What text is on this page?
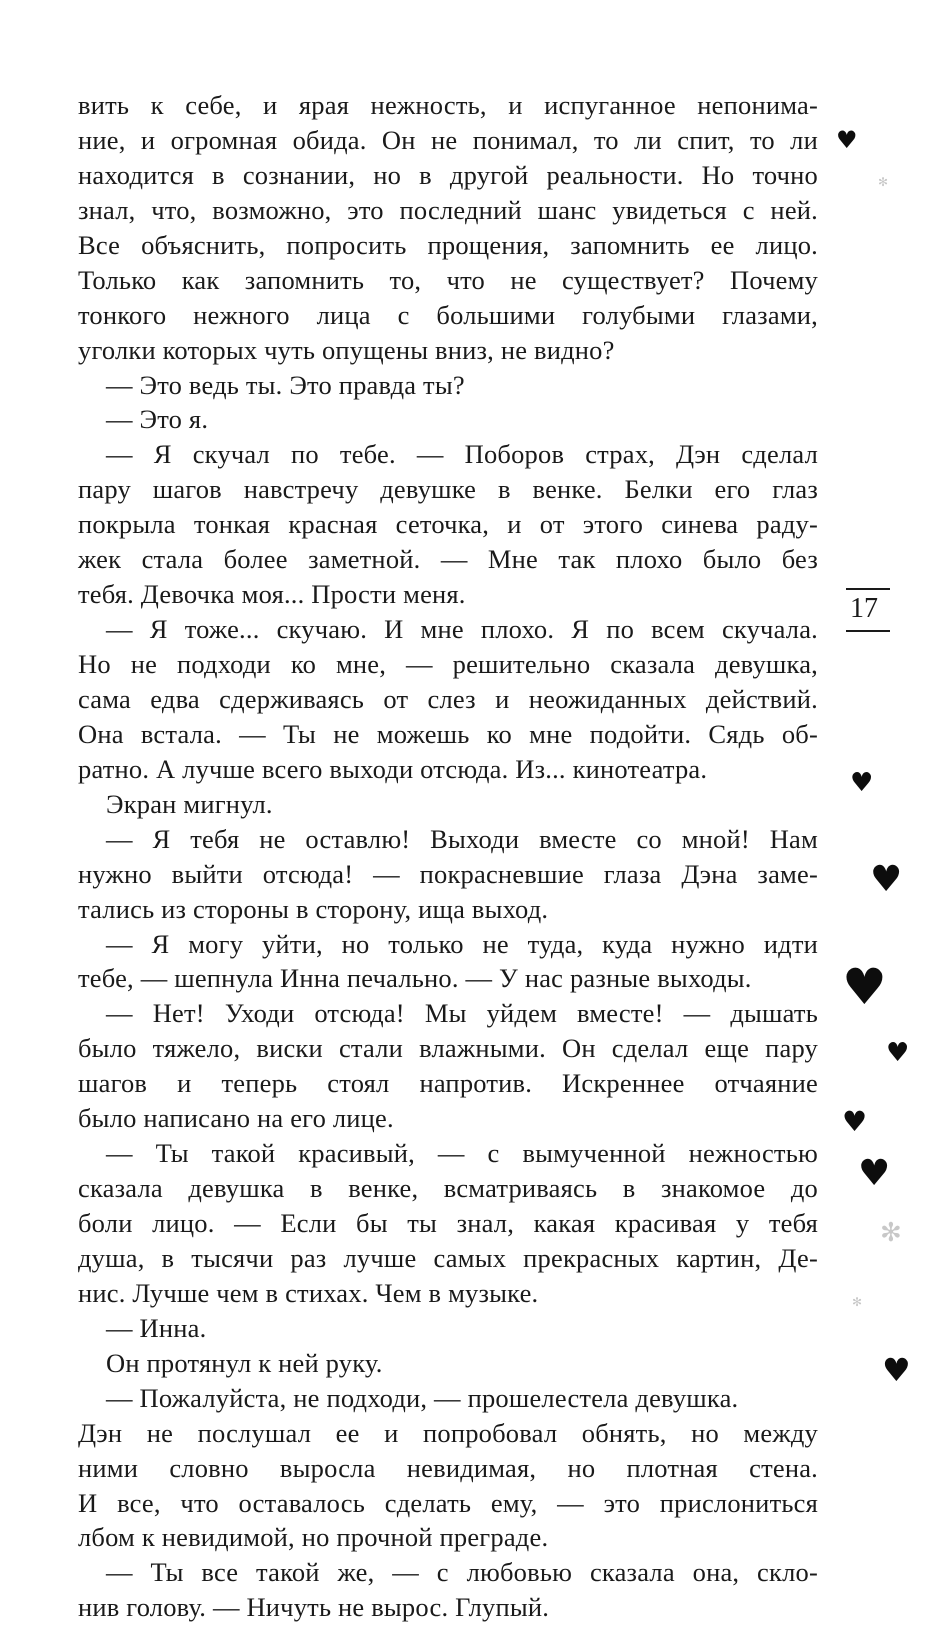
вить к себе, и ярая нежность, и испуганное непонима-
ние, и огромная обида. Он не понимал, то ли спит, то ли
находится в сознании, но в другой реальности. Но точно
знал, что, возможно, это последний шанс увидеться с ней.
Все объяснить, попросить прощения, запомнить ее лицо.
Только как запомнить то, что не существует? Почему
тонкого нежного лица с большими голубыми глазами,
уголки которых чуть опущены вниз, не видно?
— Это ведь ты. Это правда ты?
— Это я.
— Я скучал по тебе. — Поборов страх, Дэн сделал
пару шагов навстречу девушке в венке. Белки его глаз
покрыла тонкая красная сеточка, и от этого синева раду-
жек стала более заметной. — Мне так плохо было без
тебя. Девочка моя... Прости меня.
— Я тоже... скучаю. И мне плохо. Я по всем скучала.
Но не подходи ко мне, — решительно сказала девушка,
сама едва сдерживаясь от слез и неожиданных действий.
Она встала. — Ты не можешь ко мне подойти. Сядь об-
ратно. А лучше всего выходи отсюда. Из... кинотеатра.
Экран мигнул.
— Я тебя не оставлю! Выходи вместе со мной! Нам
нужно выйти отсюда! — покрасневшие глаза Дэна заме-
тались из стороны в сторону, ища выход.
— Я могу уйти, но только не туда, куда нужно идти
тебе, — шепнула Инна печально. — У нас разные выходы.
— Нет! Уходи отсюда! Мы уйдем вместе! — дышать
было тяжело, виски стали влажными. Он сделал еще пару
шагов и теперь стоял напротив. Искреннее отчаяние
было написано на его лице.
— Ты такой красивый, — с вымученной нежностью
сказала девушка в венке, всматриваясь в знакомое до
боли лицо. — Если бы ты знал, какая красивая у тебя
душа, в тысячи раз лучше самых прекрасных картин, Де-
нис. Лучше чем в стихах. Чем в музыке.
— Инна.
Он протянул к ней руку.
— Пожалуйста, не подходи, — прошелестела девушка.
Дэн не послушал ее и попробовал обнять, но между
ними словно выросла невидимая, но плотная стена.
И все, что оставалось сделать ему, — это прислониться
лбом к невидимой, но прочной преграде.
— Ты все такой же, — с любовью сказала она, скло-
нив голову. — Ничуть не вырос. Глупый.
17
♥
✻
♥
♥
♥
♥
♥
♥
✻
✻
♥
